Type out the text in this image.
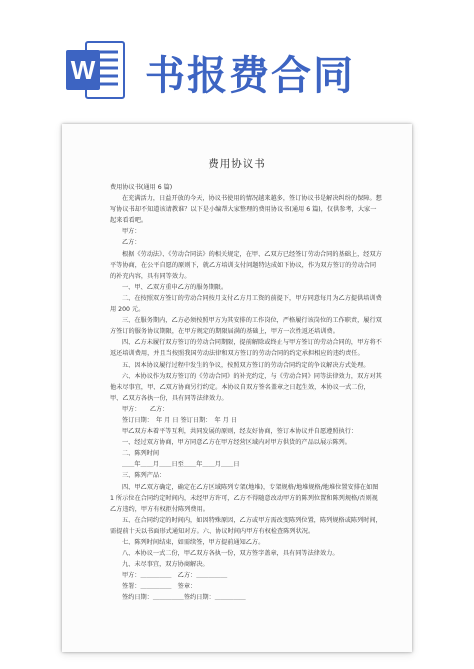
W 书报费合同
费用协议书

费用协议书(通用 6 篇)

在充满活力，日益开放的今天，协议书使用的情况越来越多，签订协议书是解决纠纷的保障。想写协议书却不知道该请教谁？以下是小编帮大家整理的费用协议书(通用 6 篇)，仅供参考，大家一起来看看吧。

甲方：

乙方：

根据《劳动法》、《劳动合同法》的相关规定，在甲、乙双方已经签订劳动合同的基础上，经双方平等协商，在公平自愿的原则下，就乙方培训支付问题特达成如下协议，作为双方签订的劳动合同的补充内容，具有同等效力。

一、甲、乙双方重申乙方的服务期限。

二、在按照双方签订的劳动合同按月支付乙方月工资的前提下，甲方同意每月为乙方提供培训费用 200 元。

三、在服务期内，乙方必须按照甲方为其安排的工作岗位，严格履行该岗位的工作职责，履行双方签订的服务协议期限，在甲方规定的期限届满的基础上，甲方一次性返还培训费。

四、乙方未履行双方签订的劳动合同期限，提前解除或终止与甲方签订的劳动合同的，甲方将不返还培训费用，并且当按照我国劳动法律和双方签订的劳动合同的约定承担相应的违约责任。

五、因本协议履行过程中发生的争议，按照双方签订的劳动合同约定的争议解决方式处理。

六、本协议作为双方签订的《劳动合同》的补充约定，与《劳动合同》同等法律效力，双方对其他未尽事宜，甲、乙双方协商另行约定。本协议自双方签名盖章之日起生效，本协议一式二份，甲、乙双方各执一份，具有同等法律效力。

甲方：　　乙方：

签订日期：　年 月 日 签订日期：　年 月 日

甲乙双方本着平等互利，共同发展的原则，经友好协商，签订本协议并自愿遵照执行：

一、经过双方协商，甲方同意乙方在甲方经营区域内对甲方供货的产品以展示陈列。

二、陈列时间

＿＿年＿＿月＿＿日至＿＿年＿＿月＿＿日

三、陈列产品：

四、甲乙双方确定，确定在乙方区域陈列专架(地堆)，专架规格/地堆规格/地堆位置安排在如图 1 所示位在合同约定时间内，未经甲方许可，乙方不得随意改动甲方的陈列位置和陈列规格/否则视乙方违约，甲方有权拒付陈列费用。

五、在合同约定的时间内，如因特殊原因，乙方或甲方需改变陈列位置，陈列规格或陈列时间，需提前十天以书面形式通知对方。六、协议时间内甲方有权检查陈列状况。

七、陈列时间结束，如需续签，甲方提前通知乙方。

八、本协议一式二份，甲乙双方各执一份，双方签字盖章，具有同等法律效力。

九、未尽事宜，双方协商解决。

甲方：＿＿＿＿＿　乙方：＿＿＿＿＿

签署：＿＿＿＿＿　签章：

签约日期：＿＿＿＿＿签约日期：＿＿＿＿＿
